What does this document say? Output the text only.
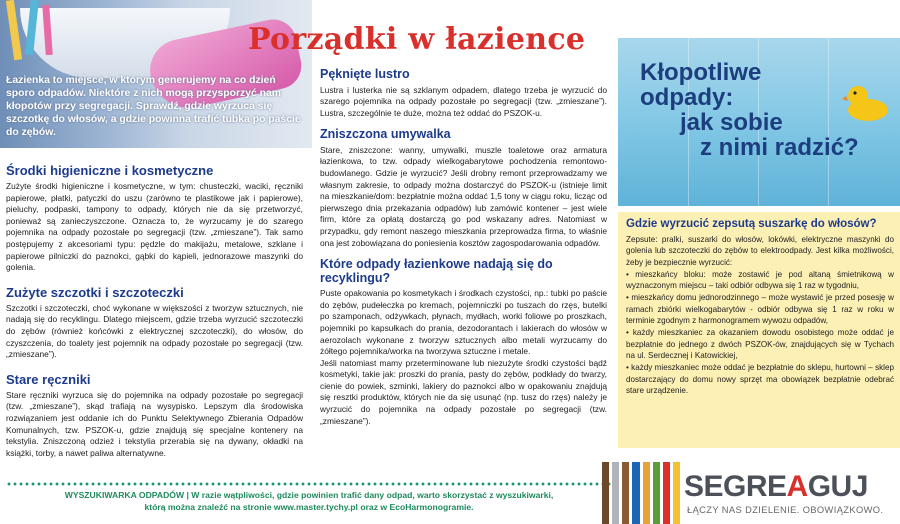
Łazienka to miejsce, w którym generujemy na co dzień sporo odpadów. Niektóre z nich mogą przysporzyć nam kłopotów przy segregacji. Sprawdź, gdzie wyrzuca się szczotkę do włosów, a gdzie powinna trafić tubka po paście do zębów.

Porządki w łazience
Środki higieniczne i kosmetyczne

Zużyte środki higieniczne i kosmetyczne, w tym: chusteczki, waciki, ręczniki papierowe, płatki, patyczki do uszu (zarówno te plastikowe jak i papierowe), pieluchy, podpaski, tampony to odpady, których nie da się przetworzyć, ponieważ są zanieczyszczone. Oznacza to, że wyrzucamy je do szarego pojemnika na odpady pozostałe po segregacji (tzw. „zmieszane”). Tak samo postępujemy z akcesoriami typu: pędzle do makijażu, metalowe, szklane i papierowe pilniczki do paznokci, gąbki do kąpieli, jednorazowe maszynki do golenia.

Zużyte szczotki i szczoteczki

Szczotki i szczoteczki, choć wykonane w większości z tworzyw sztucznych, nie nadają się do recyklingu. Dlatego miejscem, gdzie trzeba wyrzucić szczoteczki do zębów (również końcówki z elektrycznej szczoteczki), do włosów, do czyszczenia, do toalety jest pojemnik na odpady pozostałe po segregacji (tzw. „zmieszane”).

Stare ręczniki

Stare ręczniki wyrzuca się do pojemnika na odpady pozostałe po segregacji (tzw. „zmieszane”), skąd trafiają na wysypisko. Lepszym dla środowiska rozwiązaniem jest oddanie ich do Punktu Selektywnego Zbierania Odpadów Komunalnych, tzw. PSZOK-u, gdzie znajdują się specjalne kontenery na tekstylia. Zniszczoną odzież i tekstylia przerabia się na dywany, okładki na książki, torby, a nawet paliwa alternatywne.

Pęknięte lustro

Lustra i lusterka nie są szklanym odpadem, dlatego trzeba je wyrzucić do szarego pojemnika na odpady pozostałe po segregacji (tzw. „zmieszane”). Lustra, szczególnie te duże, można też oddać do PSZOK-u.

Zniszczona umywalka

Stare, zniszczone: wanny, umywalki, muszle toaletowe oraz armatura łazienkowa, to tzw. odpady wielkogabarytowe pochodzenia remontowo-budowlanego. Gdzie je wyrzucić? Jeśli drobny remont przeprowadzamy we własnym zakresie, to odpady można dostarczyć do PSZOK-u (istnieje limit na mieszkanie/dom: bezpłatnie można oddać 1,5 tony w ciągu roku, licząc od pierwszego dnia przekazania odpadów) lub zamówić kontener – jest wiele firm, które za opłatą dostarczą go pod wskazany adres. Natomiast w przypadku, gdy remont naszego mieszkania przeprowadza firma, to właśnie ona jest zobowiązana do poniesienia kosztów zagospodarowania odpadów.

Które odpady łazienkowe nadają się do recyklingu?

Puste opakowania po kosmetykach i środkach czystości, np.: tubki po paście do zębów, pudełeczka po kremach, pojemniczki po tuszach do rzęs, butelki po szamponach, odżywkach, płynach, mydłach, worki foliowe po proszkach, pojemniki po kapsułkach do prania, dezodorantach i lakierach do włosów w aerozolach wykonane z tworzyw sztucznych albo metali wyrzucamy do żółtego pojemnika/worka na tworzywa sztuczne i metale.

Jeśli natomiast mamy przeterminowane lub niezużyte środki czystości bądź kosmetyki, takie jak: proszki do prania, pasty do zębów, podkłady do twarzy, cienie do powiek, szminki, lakiery do paznokci albo w opakowaniu znajdują się resztki produktów, których nie da się usunąć (np. tusz do rzęs) należy je wyrzucić do pojemnika na odpady pozostałe po segregacji (tzw. „zmieszane”).

Kłopotliwe
odpady:
jak sobie
z nimi radzić?
Gdzie wyrzucić zepsutą suszarkę do włosów?

Zepsute: pralki, suszarki do włosów, lokówki, elektryczne maszynki do golenia lub szczoteczki do zębów to elektroodpady. Jest kilka możliwości, żeby je bezpiecznie wyrzucić:

• mieszkańcy bloku: może zostawić je pod altaną śmietnikową w wyznaczonym miejscu – taki odbiór odbywa się 1 raz w tygodniu,
• mieszkańcy domu jednorodzinnego – może wystawić je przed posesję w ramach zbiórki wielkogabarytów - odbiór odbywa się 1 raz w roku w terminie zgodnym z harmonogramem wywozu odpadów,
• każdy mieszkaniec za okazaniem dowodu osobistego może oddać je bezpłatnie do jednego z dwóch PSZOK-ów, znajdujących się w Tychach na ul. Serdecznej i Katowickiej,
• każdy mieszkaniec może oddać je bezpłatnie do sklepu, hurtowni – sklep dostarczający do domu nowy sprzęt ma obowiązek bezpłatnie odebrać stare urządzenie.
WYSZUKIWARKA ODPADÓW | W razie wątpliwości, gdzie powinien trafić dany odpad, warto skorzystać z wyszukiwarki,
którą można znaleźć na stronie www.master.tychy.pl oraz w EcoHarmonogramie.
SEGREAGUJ
ŁĄCZY NAS DZIELENIE. OBOWIĄZKOWO.
